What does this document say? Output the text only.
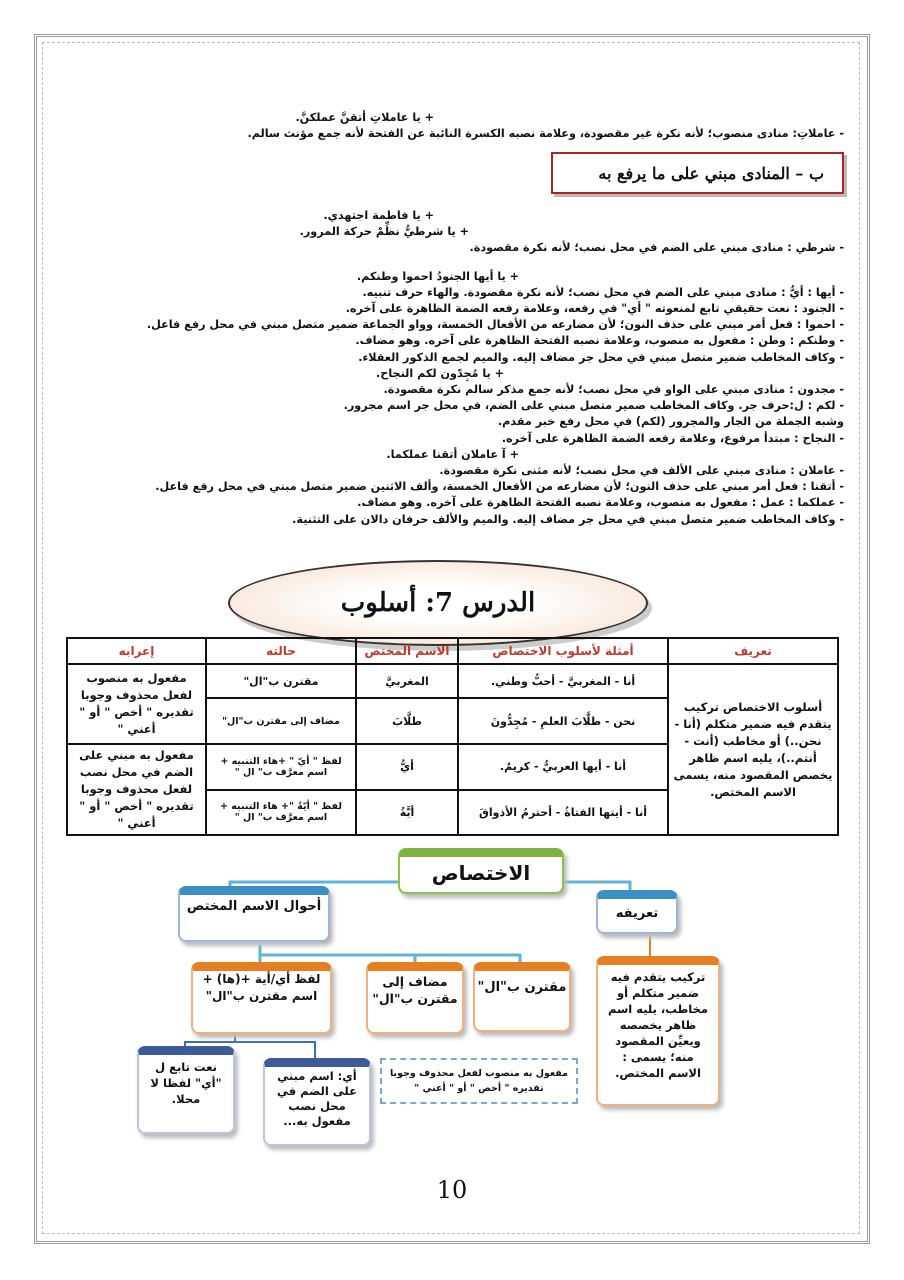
+ يا عاملاتِ أتقنَّ عملكنَّ.
- عاملاتِ: منادى منصوب؛ لأنه نكرة غير مقصودة، وعلامة نصبه الكسرة النائبة عن الفتحة لأنه جمع مؤنث سالم.
ب – المنادى مبني على ما يرفع به
+ يا فاطمة اجتهدي.
+ يا شرطيُّ نظِّمْ حركة المرور.
- شرطي : منادى مبني على الضم في محل نصب؛ لأنه نكرة مقصودة.
+ يا أيها الجنودُ احموا وطنكم.
- أيها : أيُّ : منادى مبني على الضم في محل نصب؛ لأنه نكرة مقصودة. والهاء حرف تنبيه.
- الجنود : نعت حقيقي تابع لمنعوته " أي" في رفعه، وعلامة رفعه الضمة الظاهرة على آخره.
- احموا : فعل أمر مبني على حذف النون؛ لأن مضارعه من الأفعال الخمسة، وواو الجماعة ضمير متصل مبني في محل رفع فاعل.
- وطنكم : وطن : مفعول به منصوب، وعلامة نصبه الفتحة الظاهرة على آخره. وهو مضاف.
- وكاف المخاطب ضمير متصل مبني في محل جر مضاف إليه. والميم لجمع الذكور العقلاء.
+ يا مُجِدّون لكم النجاح.
- مجدون : منادى مبني على الواو في محل نصب؛ لأنه جمع مذكر سالم نكرة مقصودة.
- لكم : ل:حرف جر. وكاف المخاطب ضمير متصل مبني على الضم، في محل جر اسم مجرور.
وشبه الجملة من الجار والمجرور (لكم) في محل رفع خبر مقدم.
- النجاح : مبتدأ مرفوع، وعلامة رفعه الضمة الظاهرة على آخره.
+ آ عاملان أتقنا عملكما.
- عاملان : منادى مبني على الألف في محل نصب؛ لأنه مثنى نكرة مقصودة.
- أتقنا : فعل أمر مبني على حذف النون؛ لأن مضارعه من الأفعال الخمسة، وألف الاثنين ضمير متصل مبني في محل رفع فاعل.
- عملكما : عمل : مفعول به منصوب، وعلامة نصبه الفتحة الظاهرة على آخره. وهو مضاف.
- وكاف المخاطب ضمير متصل مبني في محل جر مضاف إليه. والميم والألف حرفان دالان على التثنية.
الدرس 7: أسلوب
تعريف	أمثلة لأسلوب الاختصاص	الاسم المختص	حالته	إعرابه
أسلوب الاختصاص تركيب يتقدم فيه ضمير متكلم (أنا - نحن..) أو مخاطب (أنت - أنتم..)، يليه اسم ظاهر يخصص المقصود منه، يسمى الاسم المختص.	أنا - المغربيَّ - أحبُّ وطني.	المغربيَّ	مقترن ب"ال"	مفعول به منصوب لفعل محذوف وجوبا تقديره " أخص " أو " أعني "
	نحن - طلَّابَ العلمِ - مُجِدُّونَ	طلَّابَ	مضاف إلى مقترن ب"ال"	
	أنا - أيها العربيُّ - كريمٌ.	أيُّ	لفظ " أيّ " +هاء التنبيه + اسم معرَّف ب" ال "	مفعول به مبني على الضم في محل نصب لفعل محذوف وجوبا تقديره " أخص " أو " أعني "
	أنا - أيتها الفتاةُ - أحترمُ الأذواقَ	أيَّةُ	لفظ " أيّةُ "+ هاء التنبيه + اسم معرَّف ب" ال "	
الاختصاص
أحوال الاسم المختص	تعريفه
تركيب يتقدم فيه ضمير متكلم أو مخاطب، يليه اسم ظاهر يخصصه ويعيِّن المقصود منه؛ يسمى : الاسم المختص.
مقترن ب"ال"
مضاف إلى مقترن ب"ال"
لفظ أي/أية +(ها) + اسم مقترن ب"ال"
مفعول به منصوب لفعل محذوف وجوبا تقديره " أخص " أو " أعني "
أي: اسم مبني على الضم في محل نصب مفعول به...
نعت تابع ل "أي" لفظا لا محلا.
10
